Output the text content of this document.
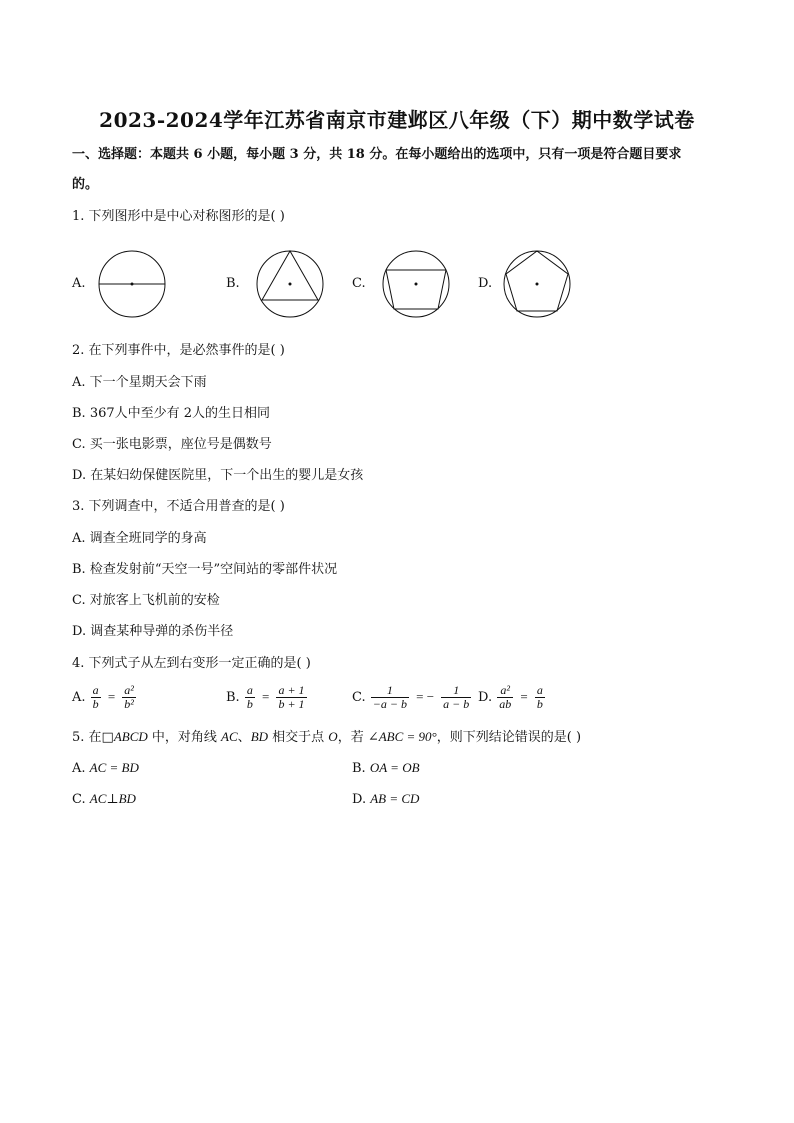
2023-2024学年江苏省南京市建邺区八年级（下）期中数学试卷
一、选择题：本题共 6 小题，每小题 3 分，共 18 分。在每小题给出的选项中，只有一项是符合题目要求
的。
1. 下列图形中是中心对称图形的是( )
A.	B.	C.	D.
2. 在下列事件中，是必然事件的是( )
A. 下一个星期天会下雨
B. 367人中至少有 2人的生日相同
C. 买一张电影票，座位号是偶数号
D. 在某妇幼保健医院里，下一个出生的婴儿是女孩
3. 下列调查中，不适合用普查的是( )
A. 调查全班同学的身高
B. 检查发射前“天空一号”空间站的零部件状况
C. 对旅客上飞机前的安检
D. 调查某种导弹的杀伤半径
4. 下列式子从左到右变形一定正确的是( )
A. $\frac{a}{b} = \frac{\text{a²}}{\text{b²}}$	B. $\frac{a}{b} = \frac{a + 1}{b + 1}$	C. $\frac{1}{-a - b}$ = − $\frac{1}{a - b} D$. $\frac{\text{a²}}{ab} = \frac{a}{b}$
5. 在□ABCD 中，对角线 AC、BD 相交于点 O，若 ∠ABC = 90°，则下列结论错误的是( )
A. AC = BD	B. OA = OB
C. AC⊥BD	D. AB = CD
